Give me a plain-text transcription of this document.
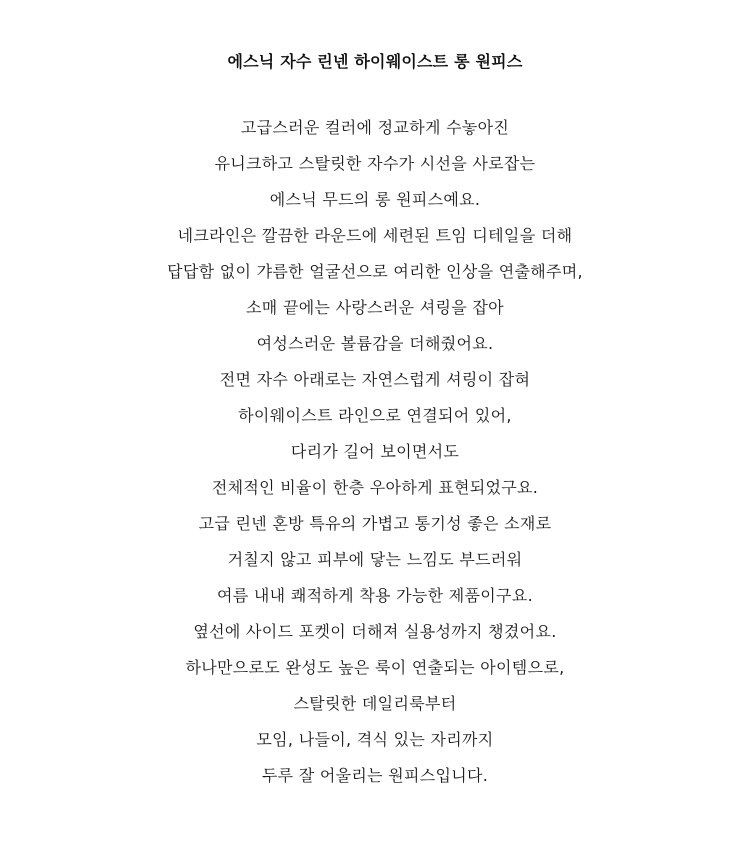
에스닉 자수 린넨 하이웨이스트 롱 원피스
고급스러운 컬러에 정교하게 수놓아진
유니크하고 스탈릿한 자수가 시선을 사로잡는
에스닉 무드의 롱 원피스예요.
네크라인은 깔끔한 라운드에 세련된 트임 디테일을 더해
답답함 없이 갸름한 얼굴선으로 여리한 인상을 연출해주며,
소매 끝에는 사랑스러운 셔링을 잡아
여성스러운 볼륨감을 더해줬어요.
전면 자수 아래로는 자연스럽게 셔링이 잡혀
하이웨이스트 라인으로 연결되어 있어,
다리가 길어 보이면서도
전체적인 비율이 한층 우아하게 표현되었구요.
고급 린넨 혼방 특유의 가볍고 통기성 좋은 소재로
거칠지 않고 피부에 닿는 느낌도 부드러워
여름 내내 쾌적하게 착용 가능한 제품이구요.
옆선에 사이드 포켓이 더해져 실용성까지 챙겼어요.
하나만으로도 완성도 높은 룩이 연출되는 아이템으로,
스탈릿한 데일리룩부터
모임, 나들이, 격식 있는 자리까지
두루 잘 어울리는 원피스입니다.
